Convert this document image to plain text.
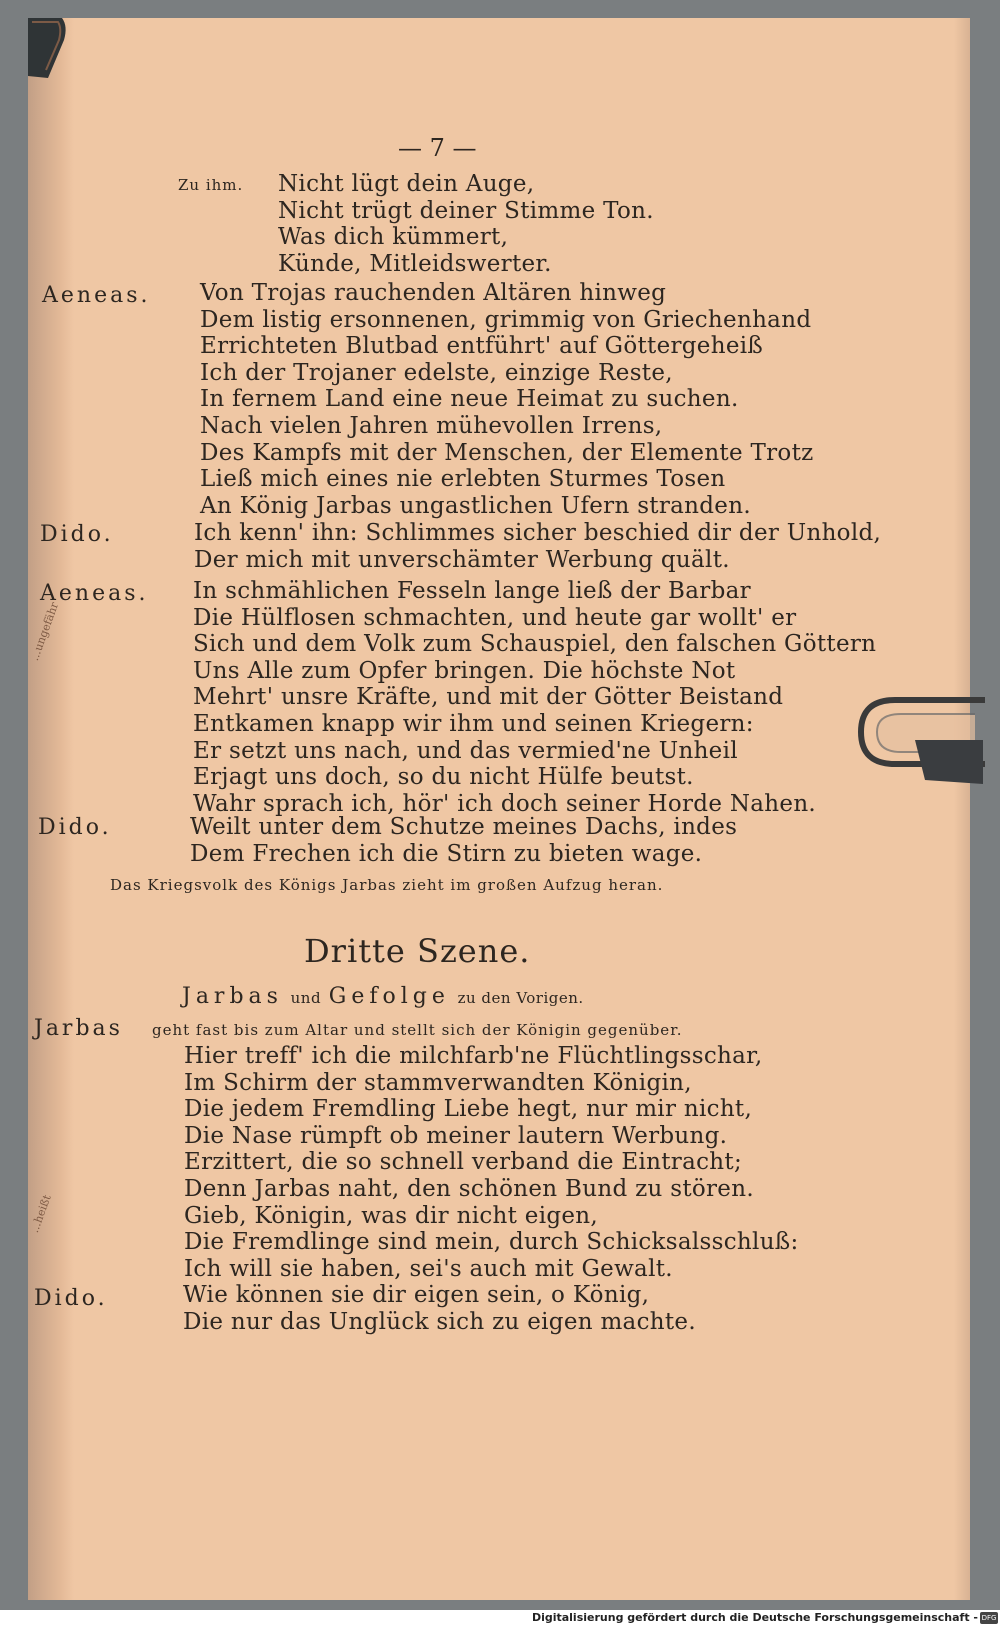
— 7 —
Zu ihm. Nicht lügt dein Auge,
Nicht trügt deiner Stimme Ton.
Was dich kümmert,
Künde, Mitleidswerter.
Aeneas. Von Trojas rauchenden Altären hinweg
Dem listig ersonnenen, grimmig von Griechenhand
Errichteten Blutbad entführt' auf Göttergeheiß
Ich der Trojaner edelste, einzige Reste,
In fernem Land eine neue Heimat zu suchen.
Nach vielen Jahren mühevollen Irrens,
Des Kampfs mit der Menschen, der Elemente Trotz
Ließ mich eines nie erlebten Sturmes Tosen
An König Jarbas ungastlichen Ufern stranden.
Dido.	Ich kenn' ihn: Schlimmes sicher beschied dir der Unhold,
Der mich mit unverschämter Werbung quält.
Aeneas. In schmählichen Fesseln lange ließ der Barbar
Die Hülflosen schmachten, und heute gar wollt' er
Sich und dem Volk zum Schauspiel, den falschen Göttern
Uns Alle zum Opfer bringen. Die höchste Not
Mehrt' unsre Kräfte, und mit der Götter Beistand
Entkamen knapp wir ihm und seinen Kriegern:
Er setzt uns nach, und das vermied'ne Unheil
Erjagt uns doch, so du nicht Hülfe beutst.
Wahr sprach ich, hör' ich doch seiner Horde Nahen.
Dido.	Weilt unter dem Schutze meines Dachs, indes
Dem Frechen ich die Stirn zu bieten wage.
Das Kriegsvolk des Königs Jarbas zieht im großen Aufzug heran.
Dritte Szene.
Jarbas und Gefolge zu den Vorigen.
Jarbas geht fast bis zum Altar und stellt sich der Königin gegenüber.
Hier treff' ich die milchfarb'ne Flüchtlingsschar,
Im Schirm der stammverwandten Königin,
Die jedem Fremdling Liebe hegt, nur mir nicht,
Die Nase rümpft ob meiner lautern Werbung.
Erzittert, die so schnell verband die Eintracht;
Denn Jarbas naht, den schönen Bund zu stören.
Gieb, Königin, was dir nicht eigen,
Die Fremdlinge sind mein, durch Schicksalsschluß:
Ich will sie haben, sei's auch mit Gewalt.
Dido.	Wie können sie dir eigen sein, o König,
Die nur das Unglück sich zu eigen machte.
...ungefähr
...heißt
Digitalisierung gefördert durch die Deutsche Forschungsgemeinschaft - DFG
